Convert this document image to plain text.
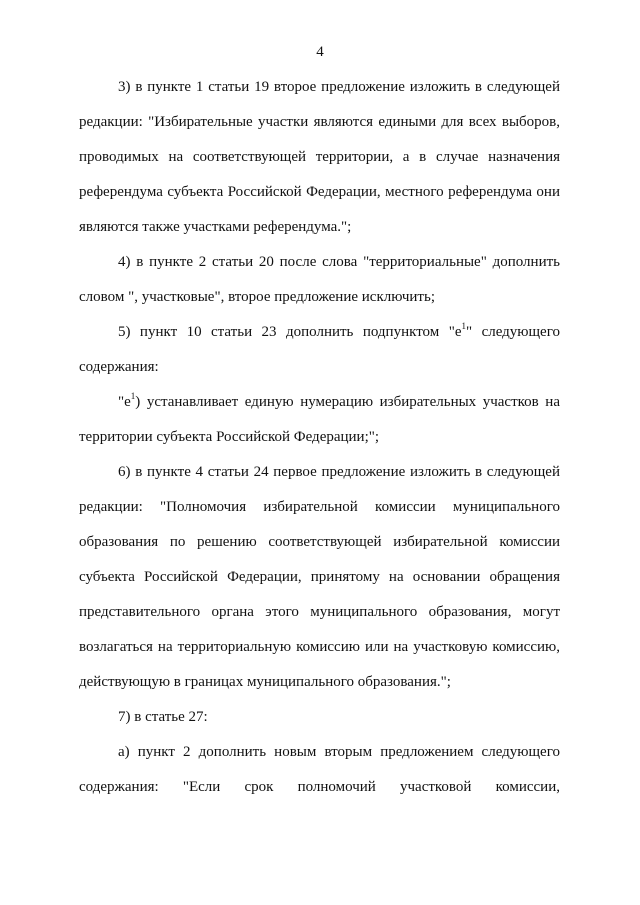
4
3) в пункте 1 статьи 19 второе предложение изложить в следующей
редакции: "Избирательные участки являются едиными для всех выборов,
проводимых на соответствующей территории, а в случае назначения
референдума субъекта Российской Федерации, местного референдума они
являются также участками референдума.";
4) в пункте 2 статьи 20 после слова "территориальные" дополнить
словом ", участковые", второе предложение исключить;
5) пункт 10 статьи 23 дополнить подпунктом "$е^1$" следующего
содержания:
"$е^1$) устанавливает единую нумерацию избирательных участков на
территории субъекта Российской Федерации;";
6) в пункте 4 статьи 24 первое предложение изложить в следующей
редакции: "Полномочия избирательной комиссии муниципального
образования по решению соответствующей избирательной комиссии
субъекта Российской Федерации, принятому на основании обращения
представительного органа этого муниципального образования, могут
возлагаться на территориальную комиссию или на участковую комиссию,
действующую в границах муниципального образования.";
7) в статье 27:
а) пункт 2 дополнить новым вторым предложением следующего
содержания: "Если срок полномочий участковой комиссии,
